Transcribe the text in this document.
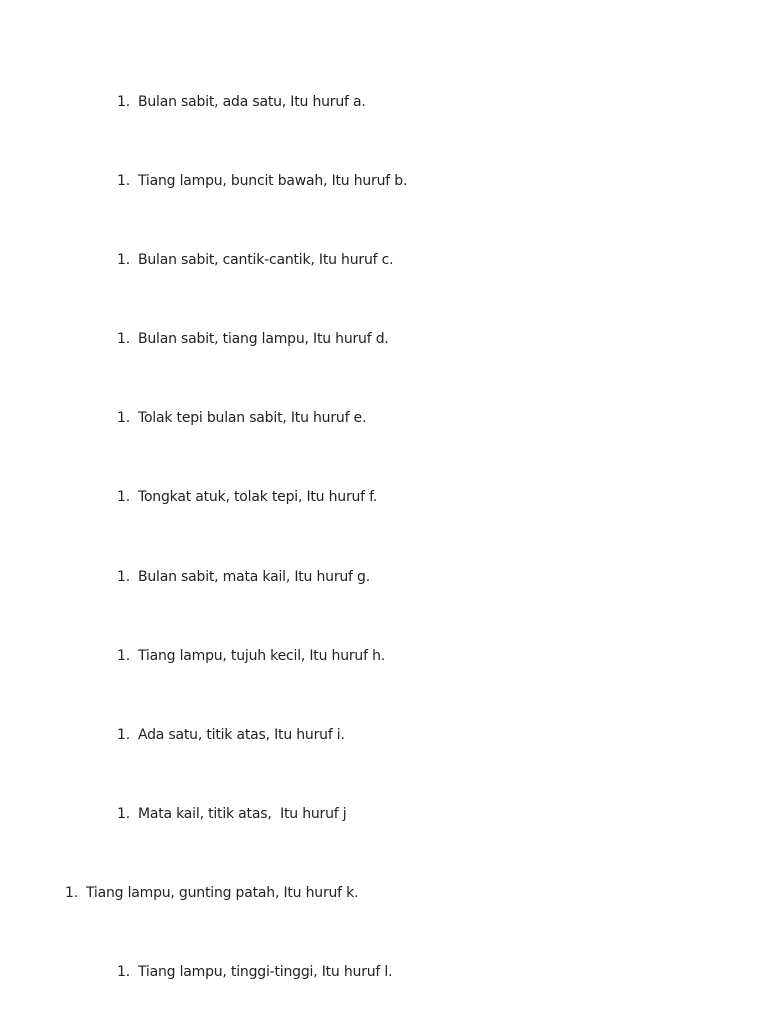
1. Bulan sabit, ada satu, Itu huruf a.
1. Tiang lampu, buncit bawah, Itu huruf b.
1. Bulan sabit, cantik-cantik, Itu huruf c.
1. Bulan sabit, tiang lampu, Itu huruf d.
1. Tolak tepi bulan sabit, Itu huruf e.
1. Tongkat atuk, tolak tepi, Itu huruf f.
1. Bulan sabit, mata kail, Itu huruf g.
1. Tiang lampu, tujuh kecil, Itu huruf h.
1. Ada satu, titik atas, Itu huruf i.
1. Mata kail, titik atas,  Itu huruf j
1. Tiang lampu, gunting patah, Itu huruf k.
1. Tiang lampu, tinggi-tinggi, Itu huruf l.
